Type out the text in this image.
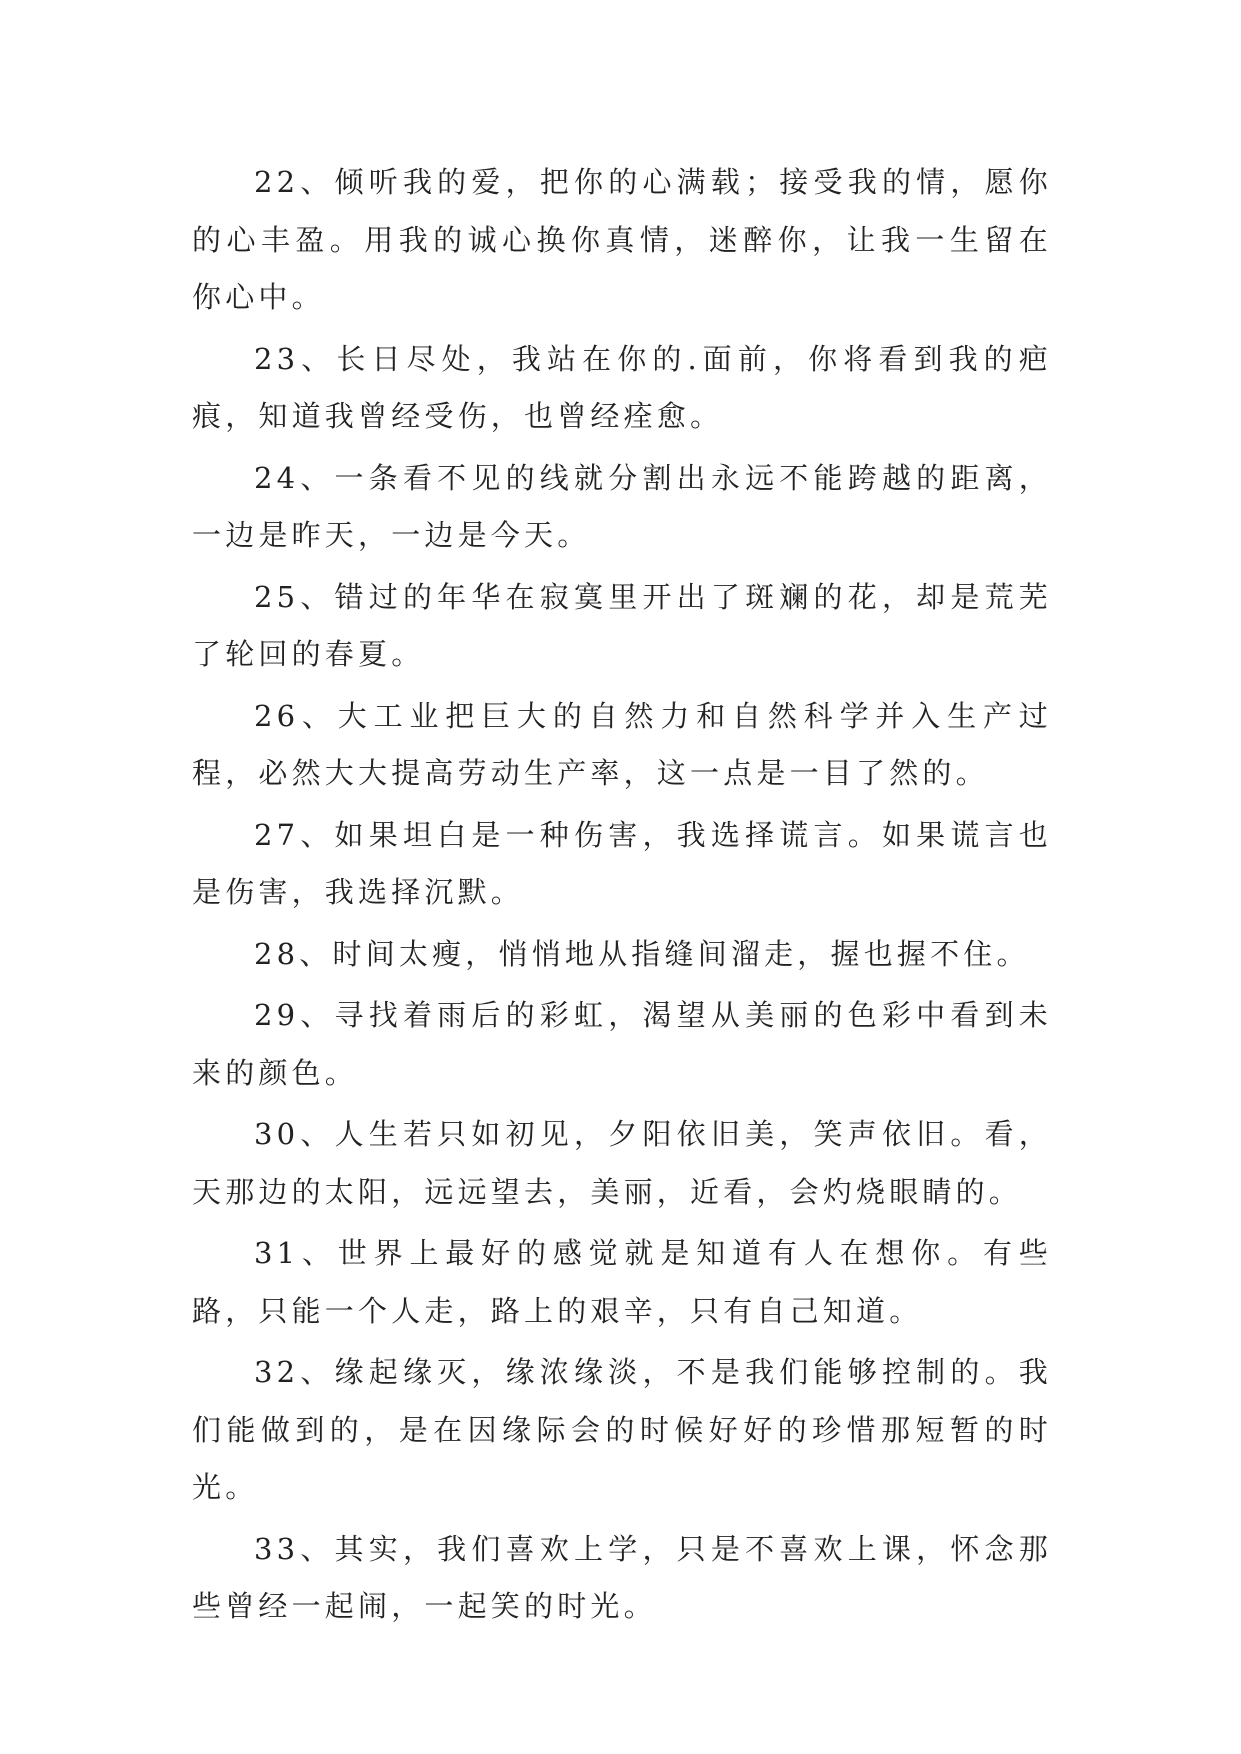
22、倾听我的爱，把你的心满载；接受我的情，愿你的心丰盈。用我的诚心换你真情，迷醉你，让我一生留在你心中。

23、长日尽处，我站在你的.面前，你将看到我的疤痕，知道我曾经受伤，也曾经痊愈。

24、一条看不见的线就分割出永远不能跨越的距离，一边是昨天，一边是今天。

25、错过的年华在寂寞里开出了斑斓的花，却是荒芜了轮回的春夏。

26、大工业把巨大的自然力和自然科学并入生产过程，必然大大提高劳动生产率，这一点是一目了然的。

27、如果坦白是一种伤害，我选择谎言。如果谎言也是伤害，我选择沉默。

28、时间太瘦，悄悄地从指缝间溜走，握也握不住。

29、寻找着雨后的彩虹，渴望从美丽的色彩中看到未来的颜色。

30、人生若只如初见，夕阳依旧美，笑声依旧。看，天那边的太阳，远远望去，美丽，近看，会灼烧眼睛的。

31、世界上最好的感觉就是知道有人在想你。有些路，只能一个人走，路上的艰辛，只有自己知道。

32、缘起缘灭，缘浓缘淡，不是我们能够控制的。我们能做到的，是在因缘际会的时候好好的珍惜那短暂的时光。

33、其实，我们喜欢上学，只是不喜欢上课，怀念那些曾经一起闹，一起笑的时光。
